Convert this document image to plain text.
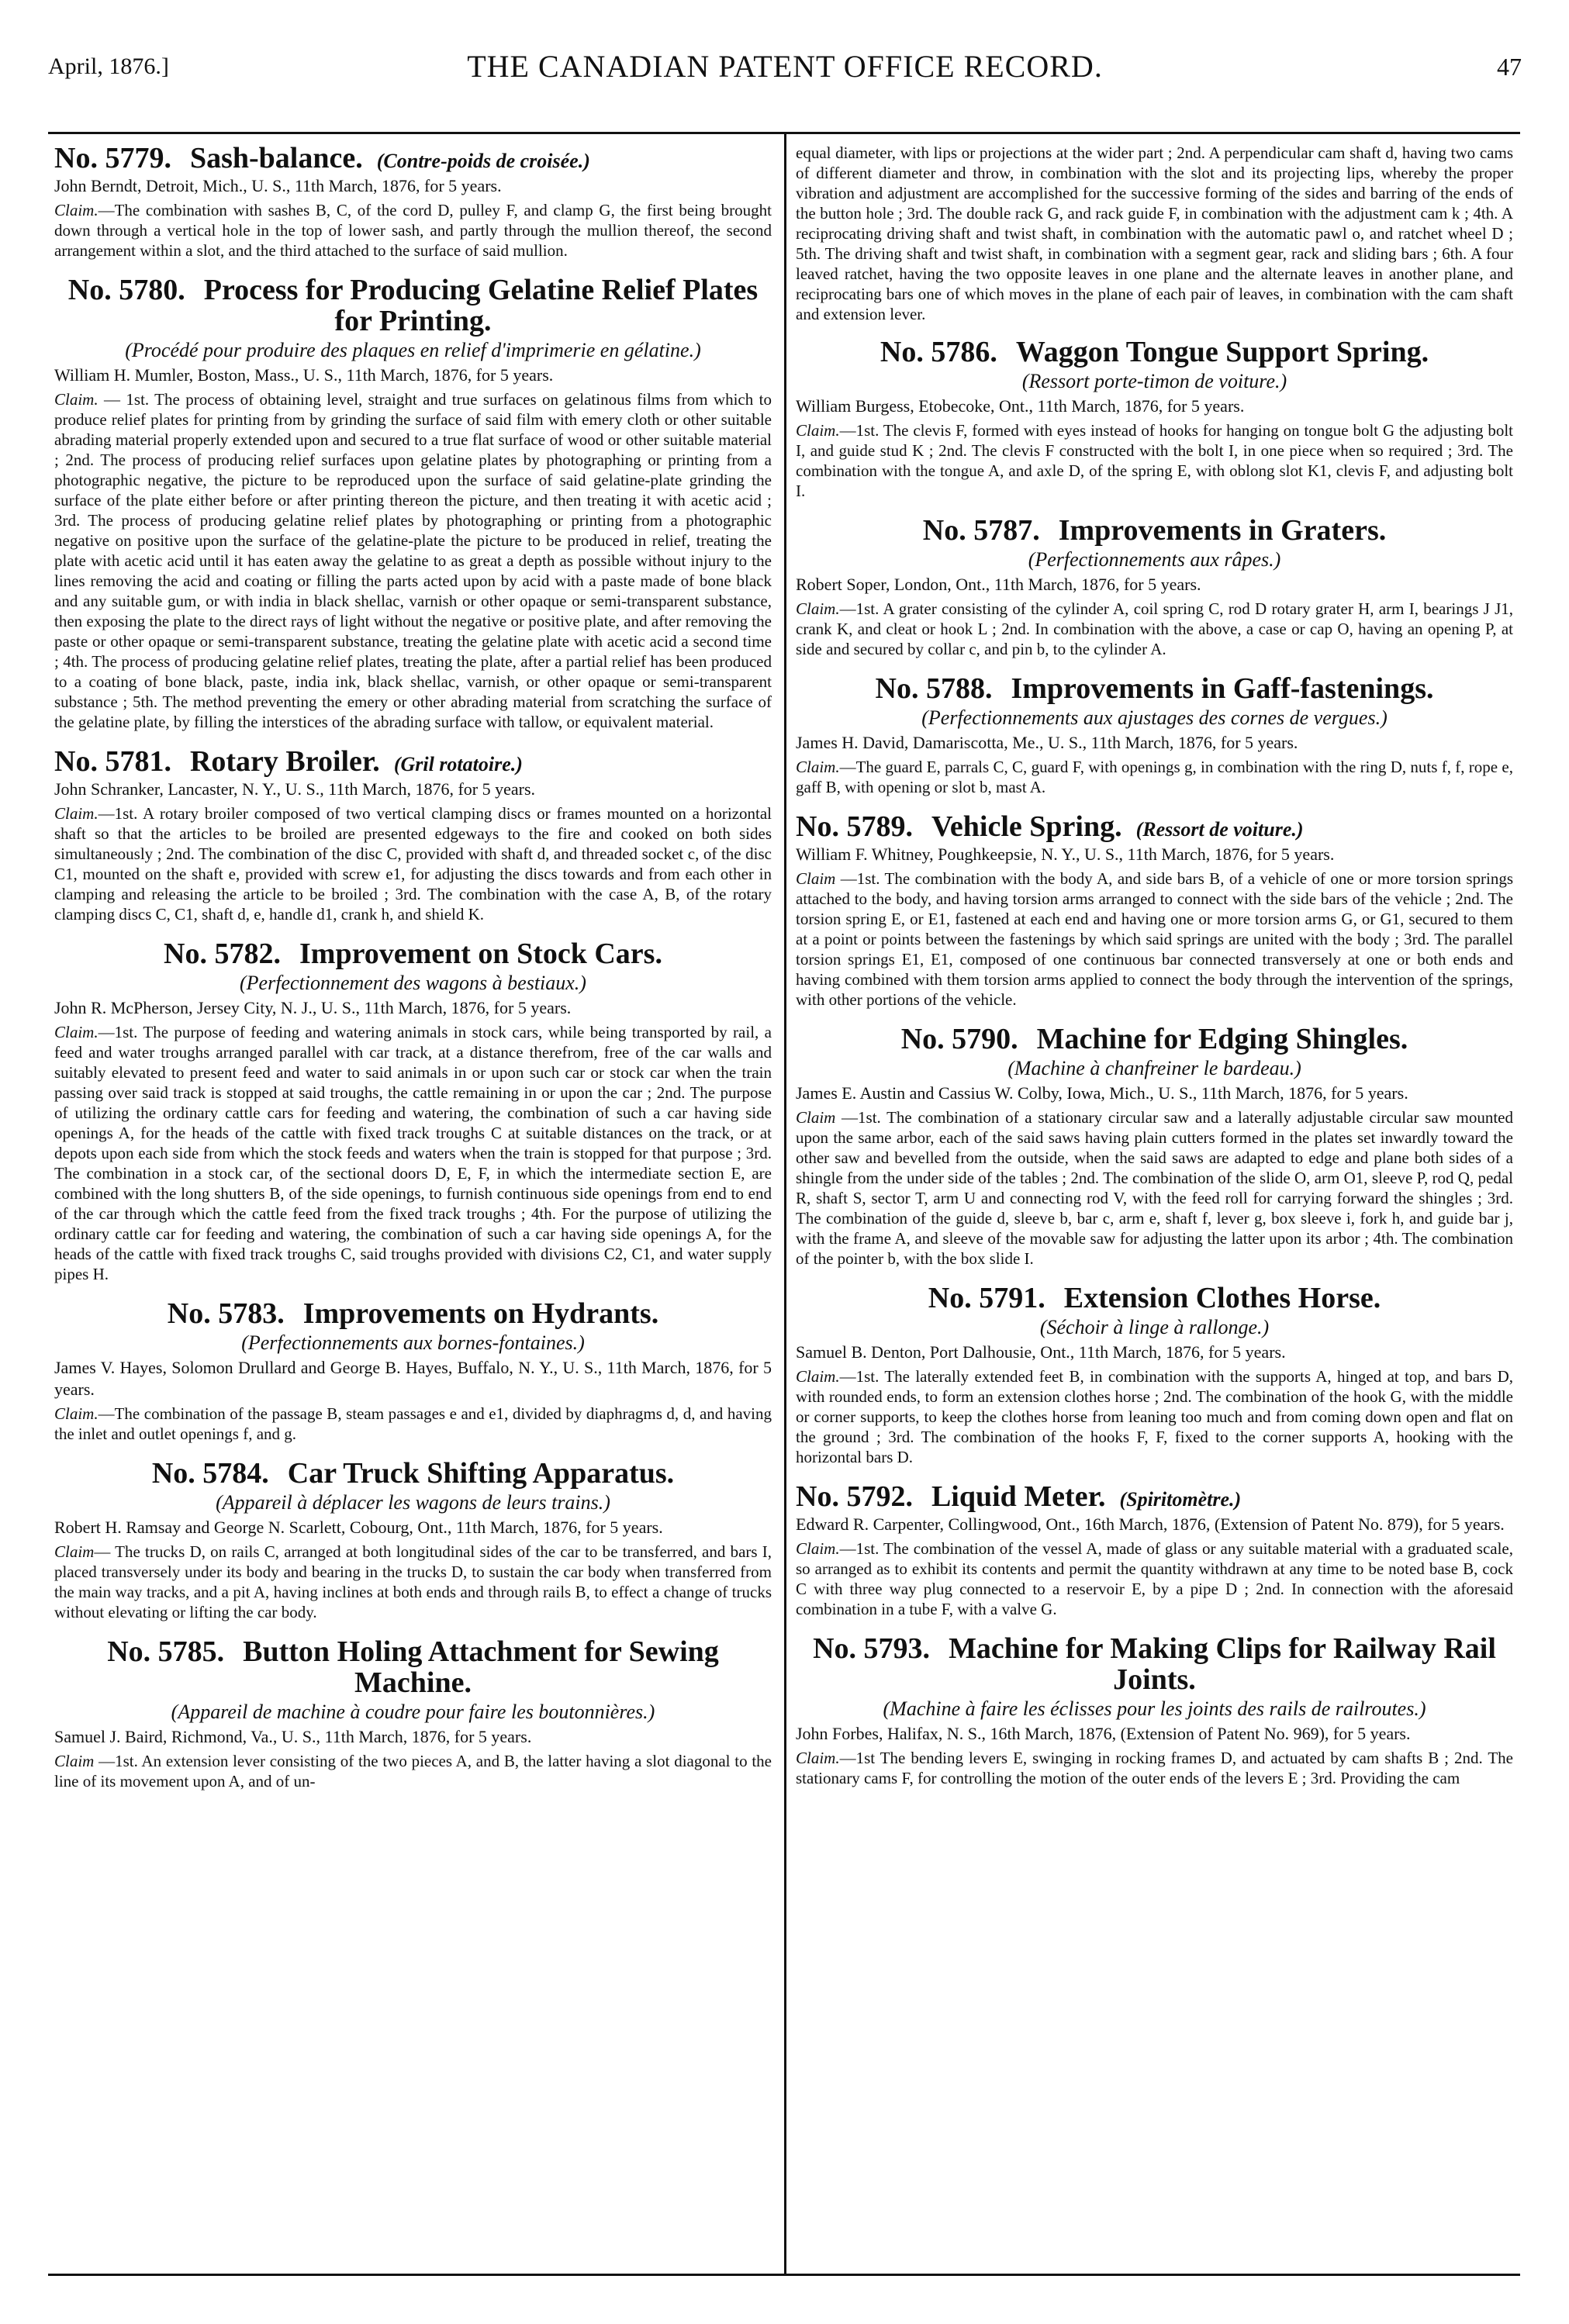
THE CANADIAN PATENT OFFICE RECORD.
April, 1876.]	47
No. 5779. Sash-balance. (Contre-poids de croisée.)

John Berndt, Detroit, Mich., U. S., 11th March, 1876, for 5 years.

Claim.—The combination with sashes B, C, of the cord D, pulley F, and clamp G, the first being brought down through a vertical hole in the top of lower sash, and partly through the mullion thereof, the second arrangement within a slot, and the third attached to the surface of said mullion.

No. 5780. Process for Producing Gelatine Relief Plates for Printing.

(Procédé pour produire des plaques en relief d'imprimerie en gélatine.)

William H. Mumler, Boston, Mass., U. S., 11th March, 1876, for 5 years.

Claim. — 1st. The process of obtaining level, straight and true surfaces on gelatinous films from which to produce relief plates for printing from by grinding the surface of said film with emery cloth or other suitable abrading material properly extended upon and secured to a true flat surface of wood or other suitable material ; 2nd. The process of producing relief surfaces upon gelatine plates by photographing or printing from a photographic negative, the picture to be reproduced upon the surface of said gelatine-plate grinding the surface of the plate either before or after printing thereon the picture, and then treating it with acetic acid ; 3rd. The process of producing gelatine relief plates by photographing or printing from a photographic negative on positive upon the surface of the gelatine-plate the picture to be produced in relief, treating the plate with acetic acid until it has eaten away the gelatine to as great a depth as possible without injury to the lines removing the acid and coating or filling the parts acted upon by acid with a paste made of bone black and any suitable gum, or with india in black shellac, varnish or other opaque or semi-transparent substance, then exposing the plate to the direct rays of light without the negative or positive plate, and after removing the paste or other opaque or semi-transparent substance, treating the gelatine plate with acetic acid a second time ; 4th. The process of producing gelatine relief plates, treating the plate, after a partial relief has been produced to a coating of bone black, paste, india ink, black shellac, varnish, or other opaque or semi-transparent substance ; 5th. The method preventing the emery or other abrading material from scratching the surface of the gelatine plate, by filling the interstices of the abrading surface with tallow, or equivalent material.

No. 5781. Rotary Broiler. (Gril rotatoire.)

John Schranker, Lancaster, N. Y., U. S., 11th March, 1876, for 5 years.

Claim.—1st. A rotary broiler composed of two vertical clamping discs or frames mounted on a horizontal shaft so that the articles to be broiled are presented edgeways to the fire and cooked on both sides simultaneously ; 2nd. The combination of the disc C, provided with shaft d, and threaded socket c, of the disc C1, mounted on the shaft e, provided with screw e1, for adjusting the discs towards and from each other in clamping and releasing the article to be broiled ; 3rd. The combination with the case A, B, of the rotary clamping discs C, C1, shaft d, e, handle d1, crank h, and shield K.

No. 5782. Improvement on Stock Cars.

(Perfectionnement des wagons à bestiaux.)

John R. McPherson, Jersey City, N. J., U. S., 11th March, 1876, for 5 years.

Claim.—1st. The purpose of feeding and watering animals in stock cars, while being transported by rail, a feed and water troughs arranged parallel with car track, at a distance therefrom, free of the car walls and suitably elevated to present feed and water to said animals in or upon such car or stock car when the train passing over said track is stopped at said troughs, the cattle remaining in or upon the car ; 2nd. The purpose of utilizing the ordinary cattle cars for feeding and watering, the combination of such a car having side openings A, for the heads of the cattle with fixed track troughs C at suitable distances on the track, or at depots upon each side from which the stock feeds and waters when the train is stopped for that purpose ; 3rd. The combination in a stock car, of the sectional doors D, E, F, in which the intermediate section E, are combined with the long shutters B, of the side openings, to furnish continuous side openings from end to end of the car through which the cattle feed from the fixed track troughs ; 4th. For the purpose of utilizing the ordinary cattle car for feeding and watering, the combination of such a car having side openings A, for the heads of the cattle with fixed track troughs C, said troughs provided with divisions C2, C1, and water supply pipes H.

No. 5783. Improvements on Hydrants.

(Perfectionnements aux bornes-fontaines.)

James V. Hayes, Solomon Drullard and George B. Hayes, Buffalo, N. Y., U. S., 11th March, 1876, for 5 years.

Claim.—The combination of the passage B, steam passages e and e1, divided by diaphragms d, d, and having the inlet and outlet openings f, and g.

No. 5784. Car Truck Shifting Apparatus.

(Appareil à déplacer les wagons de leurs trains.)

Robert H. Ramsay and George N. Scarlett, Cobourg, Ont., 11th March, 1876, for 5 years.

Claim— The trucks D, on rails C, arranged at both longitudinal sides of the car to be transferred, and bars I, placed transversely under its body and bearing in the trucks D, to sustain the car body when transferred from the main way tracks, and a pit A, having inclines at both ends and through rails B, to effect a change of trucks without elevating or lifting the car body.

No. 5785. Button Holing Attachment for Sewing Machine.

(Appareil de machine à coudre pour faire les boutonnières.)

Samuel J. Baird, Richmond, Va., U. S., 11th March, 1876, for 5 years.

Claim —1st. An extension lever consisting of the two pieces A, and B, the latter having a slot diagonal to the line of its movement upon A, and of un-

equal diameter, with lips or projections at the wider part ; 2nd. A perpendicular cam shaft d, having two cams of different diameter and throw, in combination with the slot and its projecting lips, whereby the proper vibration and adjustment are accomplished for the successive forming of the sides and barring of the ends of the button hole ; 3rd. The double rack G, and rack guide F, in combination with the adjustment cam k ; 4th. A reciprocating driving shaft and twist shaft, in combination with the automatic pawl o, and ratchet wheel D ; 5th. The driving shaft and twist shaft, in combination with a segment gear, rack and sliding bars ; 6th. A four leaved ratchet, having the two opposite leaves in one plane and the alternate leaves in another plane, and reciprocating bars one of which moves in the plane of each pair of leaves, in combination with the cam shaft and extension lever.

No. 5786. Waggon Tongue Support Spring.

(Ressort porte-timon de voiture.)

William Burgess, Etobecoke, Ont., 11th March, 1876, for 5 years.

Claim.—1st. The clevis F, formed with eyes instead of hooks for hanging on tongue bolt G the adjusting bolt I, and guide stud K ; 2nd. The clevis F constructed with the bolt I, in one piece when so required ; 3rd. The combination with the tongue A, and axle D, of the spring E, with oblong slot K1, clevis F, and adjusting bolt I.

No. 5787. Improvements in Graters.

(Perfectionnements aux râpes.)

Robert Soper, London, Ont., 11th March, 1876, for 5 years.

Claim.—1st. A grater consisting of the cylinder A, coil spring C, rod D rotary grater H, arm I, bearings J J1, crank K, and cleat or hook L ; 2nd. In combination with the above, a case or cap O, having an opening P, at side and secured by collar c, and pin b, to the cylinder A.

No. 5788. Improvements in Gaff-fastenings.

(Perfectionnements aux ajustages des cornes de vergues.)

James H. David, Damariscotta, Me., U. S., 11th March, 1876, for 5 years.

Claim.—The guard E, parrals C, C, guard F, with openings g, in combination with the ring D, nuts f, f, rope e, gaff B, with opening or slot b, mast A.

No. 5789. Vehicle Spring. (Ressort de voiture.)

William F. Whitney, Poughkeepsie, N. Y., U. S., 11th March, 1876, for 5 years.

Claim —1st. The combination with the body A, and side bars B, of a vehicle of one or more torsion springs attached to the body, and having torsion arms arranged to connect with the side bars of the vehicle ; 2nd. The torsion spring E, or E1, fastened at each end and having one or more torsion arms G, or G1, secured to them at a point or points between the fastenings by which said springs are united with the body ; 3rd. The parallel torsion springs E1, E1, composed of one continuous bar connected transversely at one or both ends and having combined with them torsion arms applied to connect the body through the intervention of the springs, with other portions of the vehicle.

No. 5790. Machine for Edging Shingles.

(Machine à chanfreiner le bardeau.)

James E. Austin and Cassius W. Colby, Iowa, Mich., U. S., 11th March, 1876, for 5 years.

Claim —1st. The combination of a stationary circular saw and a laterally adjustable circular saw mounted upon the same arbor, each of the said saws having plain cutters formed in the plates set inwardly toward the other saw and bevelled from the outside, when the said saws are adapted to edge and plane both sides of a shingle from the under side of the tables ; 2nd. The combination of the slide O, arm O1, sleeve P, rod Q, pedal R, shaft S, sector T, arm U and connecting rod V, with the feed roll for carrying forward the shingles ; 3rd. The combination of the guide d, sleeve b, bar c, arm e, shaft f, lever g, box sleeve i, fork h, and guide bar j, with the frame A, and sleeve of the movable saw for adjusting the latter upon its arbor ; 4th. The combination of the pointer b, with the box slide I.

No. 5791. Extension Clothes Horse.

(Séchoir à linge à rallonge.)

Samuel B. Denton, Port Dalhousie, Ont., 11th March, 1876, for 5 years.

Claim.—1st. The laterally extended feet B, in combination with the supports A, hinged at top, and bars D, with rounded ends, to form an extension clothes horse ; 2nd. The combination of the hook G, with the middle or corner supports, to keep the clothes horse from leaning too much and from coming down open and flat on the ground ; 3rd. The combination of the hooks F, F, fixed to the corner supports A, hooking with the horizontal bars D.

No. 5792. Liquid Meter. (Spiritomètre.)

Edward R. Carpenter, Collingwood, Ont., 16th March, 1876, (Extension of Patent No. 879), for 5 years.

Claim.—1st. The combination of the vessel A, made of glass or any suitable material with a graduated scale, so arranged as to exhibit its contents and permit the quantity withdrawn at any time to be noted base B, cock C with three way plug connected to a reservoir E, by a pipe D ; 2nd. In connection with the aforesaid combination in a tube F, with a valve G.

No. 5793. Machine for Making Clips for Railway Rail Joints.

(Machine à faire les éclisses pour les joints des rails de railroutes.)

John Forbes, Halifax, N. S., 16th March, 1876, (Extension of Patent No. 969), for 5 years.

Claim.—1st The bending levers E, swinging in rocking frames D, and actuated by cam shafts B ; 2nd. The stationary cams F, for controlling the motion of the outer ends of the levers E ; 3rd. Providing the cam
